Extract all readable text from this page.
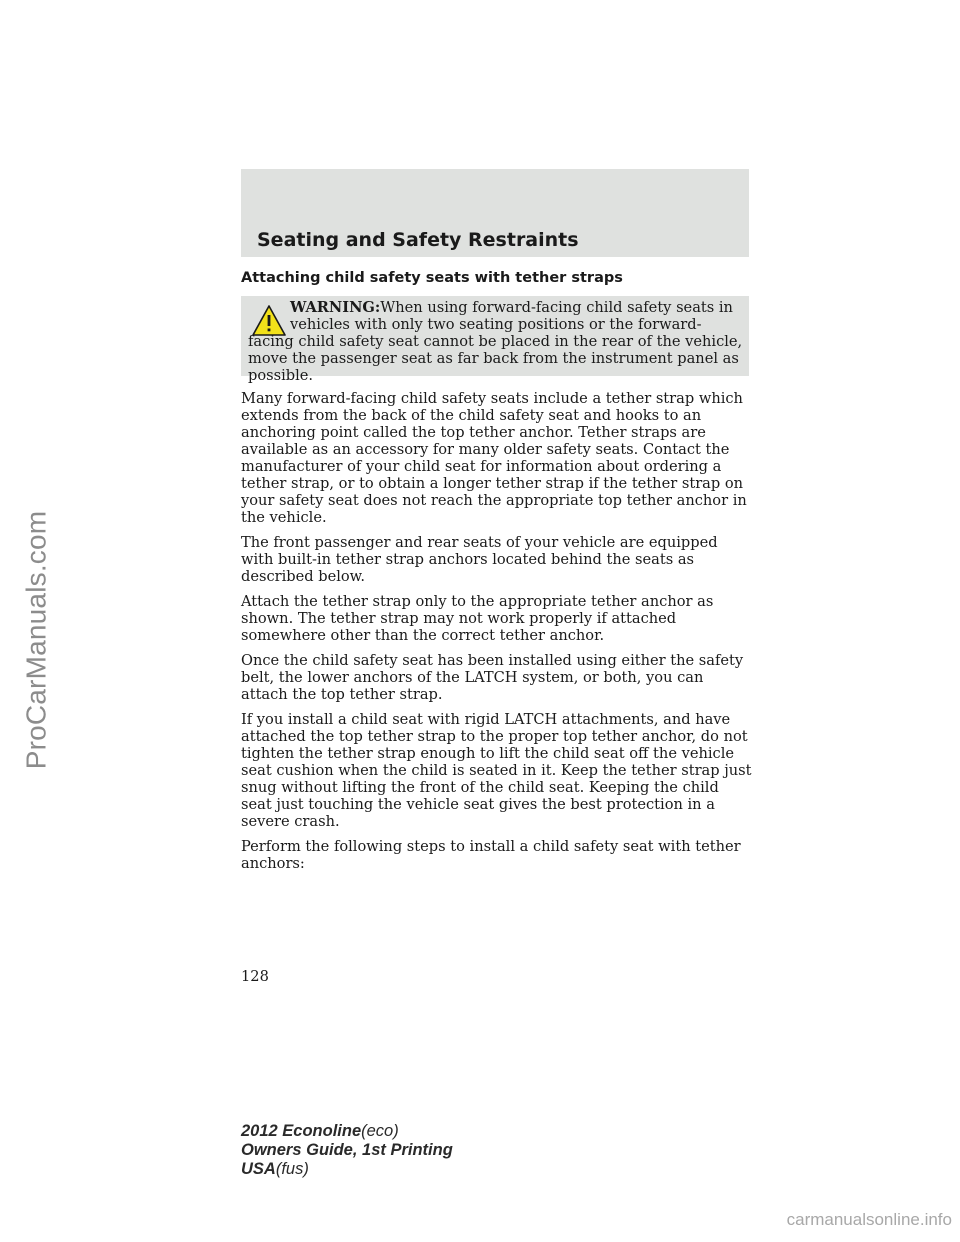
ProCarManuals.com
Seating and Safety Restraints
Attaching child safety seats with tether straps
WARNING:When using forward-facing child safety seats in vehicles with only two seating positions or the forward-facing child safety seat cannot be placed in the rear of the vehicle, move the passenger seat as far back from the instrument panel as possible.

Many forward-facing child safety seats include a tether strap which extends from the back of the child safety seat and hooks to an anchoring point called the top tether anchor. Tether straps are available as an accessory for many older safety seats. Contact the manufacturer of your child seat for information about ordering a tether strap, or to obtain a longer tether strap if the tether strap on your safety seat does not reach the appropriate top tether anchor in the vehicle.

The front passenger and rear seats of your vehicle are equipped with built-in tether strap anchors located behind the seats as described below.

Attach the tether strap only to the appropriate tether anchor as shown. The tether strap may not work properly if attached somewhere other than the correct tether anchor.

Once the child safety seat has been installed using either the safety belt, the lower anchors of the LATCH system, or both, you can attach the top tether strap.

If you install a child seat with rigid LATCH attachments, and have attached the top tether strap to the proper top tether anchor, do not tighten the tether strap enough to lift the child seat off the vehicle seat cushion when the child is seated in it. Keep the tether strap just snug without lifting the front of the child seat. Keeping the child seat just touching the vehicle seat gives the best protection in a severe crash.

Perform the following steps to install a child safety seat with tether anchors:

128
2012 Econoline(eco)
Owners Guide, 1st Printing
USA(fus)
carmanualsonline.info
